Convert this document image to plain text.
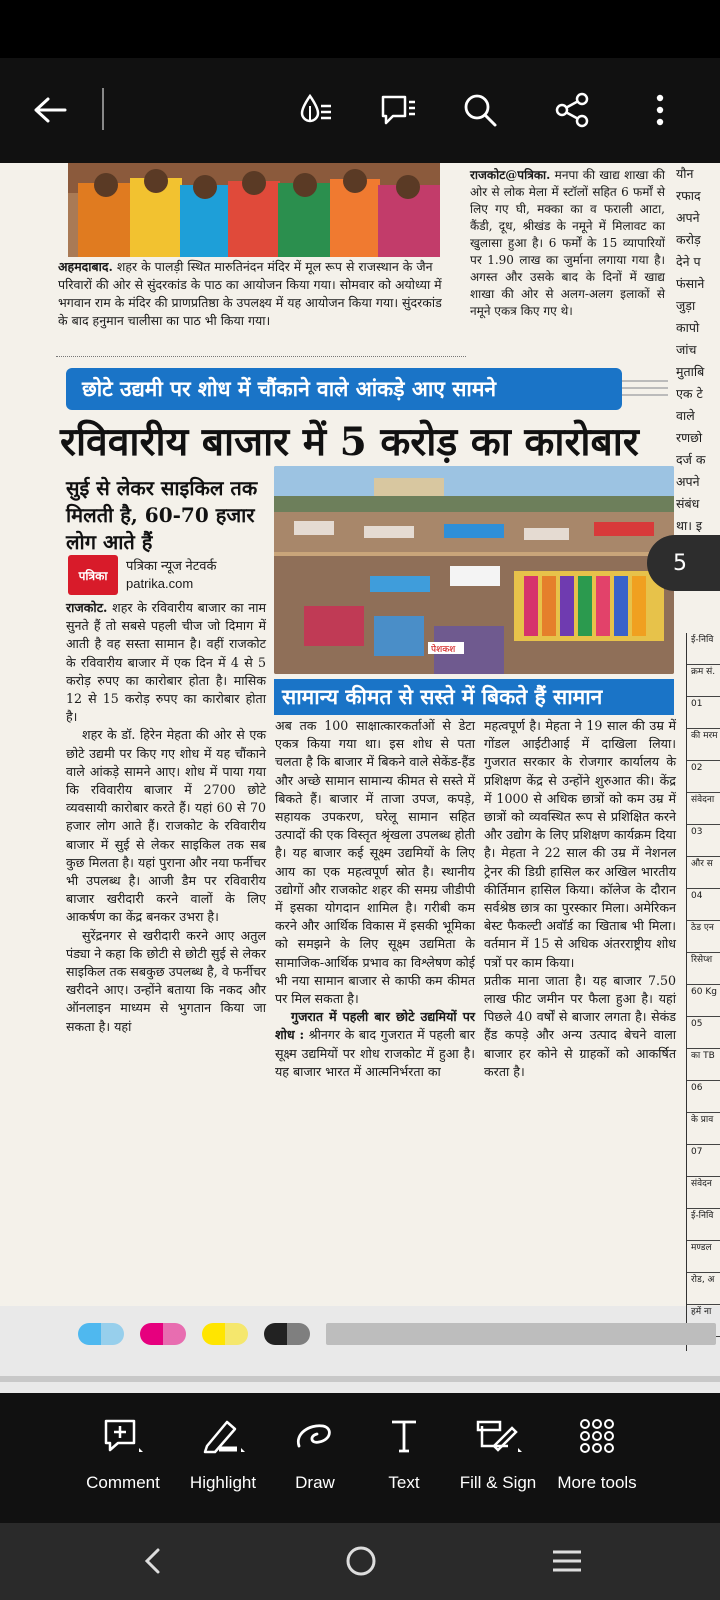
अहमदाबाद. शहर के पालड़ी स्थित मारुतिनंदन मंदिर में मूल रूप से राजस्थान के जैन परिवारों की ओर से सुंदरकांड के पाठ का आयोजन किया गया। सोमवार को अयोध्या में भगवान राम के मंदिर की प्राणप्रतिष्ठा के उपलक्ष्य में यह आयोजन किया गया। सुंदरकांड के बाद हनुमान चालीसा का पाठ भी किया गया।
राजकोट@पत्रिका. मनपा की खाद्य शाखा की ओर से लोक मेला में स्टॉलों सहित 6 फर्मों से लिए गए घी, मक्का का व फराली आटा, कैंडी, दूध, श्रीखंड के नमूने में मिलावट का खुलासा हुआ है। 6 फर्मों के 15 व्यापारियों पर 1.90 लाख का जुर्माना लगाया गया है। अगस्त और उसके बाद के दिनों में खाद्य शाखा की ओर से अलग-अलग इलाकों से नमूने एकत्र किए गए थे।
यौन
रफाद
अपने
करोड़
देने प
फंसाने
जुड़ा
कापो
जांच
मुताबि
एक टे
वाले
रणछो
दर्ज क
अपने
संबंध
था। इ
छोटे उद्यमी पर शोध में चौंकाने वाले आंकड़े आए सामने
रविवारीय बाजार में 5 करोड़ का कारोबार
सुई से लेकर साइकिल तक मिलती है, 60-70 हजार लोग आते हैं
पत्रिका
पत्रिका न्यूज नेटवर्क
patrika.com

राजकोट. शहर के रविवारीय बाजार का नाम सुनते हैं तो सबसे पहली चीज जो दिमाग में आती है वह सस्ता सामान है। वहीं राजकोट के रविवारीय बाजार में एक दिन में 4 से 5 करोड़ रुपए का कारोबार होता है। मासिक 12 से 15 करोड़ रुपए का कारोबार होता है।

शहर के डॉ. हिरेन मेहता की ओर से एक छोटे उद्यमी पर किए गए शोध में यह चौंकाने वाले आंकड़े सामने आए। शोध में पाया गया कि रविवारीय बाजार में 2700 छोटे व्यवसायी कारोबार करते हैं। यहां 60 से 70 हजार लोग आते हैं। राजकोट के रविवारीय बाजार में सुई से लेकर साइकिल तक सब कुछ मिलता है। यहां पुराना और नया फर्नीचर भी उपलब्ध है। आजी डैम पर रविवारीय बाजार खरीदारी करने वालों के लिए आकर्षण का केंद्र बनकर उभरा है।

सुरेंद्रनगर से खरीदारी करने आए अतुल पंड्या ने कहा कि छोटी से छोटी सुई से लेकर साइकिल तक सबकुछ उपलब्ध है, वे फर्नीचर खरीदने आए। उन्होंने बताया कि नकद और ऑनलाइन माध्यम से भुगतान किया जा सकता है। यहां

पेशकश
सामान्य कीमत से सस्ते में बिकते हैं सामान

अब तक 100 साक्षात्कारकर्ताओं से डेटा एकत्र किया गया था। इस शोध से पता चलता है कि बाजार में बिकने वाले सेकेंड-हैंड और अच्छे सामान सामान्य कीमत से सस्ते में बिकते हैं। बाजार में ताजा उपज, कपड़े, सहायक उपकरण, घरेलू सामान सहित उत्पादों की एक विस्तृत श्रृंखला उपलब्ध होती है। यह बाजार कई सूक्ष्म उद्यमियों के लिए आय का एक महत्वपूर्ण स्रोत है। स्थानीय उद्योगों और राजकोट शहर की समग्र जीडीपी में इसका योगदान शामिल है। गरीबी कम करने और आर्थिक विकास में इसकी भूमिका को समझने के लिए सूक्ष्म उद्यमिता के सामाजिक-आर्थिक प्रभाव का विश्लेषण कोई भी नया सामान बाजार से काफी कम कीमत पर मिल सकता है।

गुजरात में पहली बार छोटे उद्यमियों पर शोध : श्रीनगर के बाद गुजरात में पहली बार सूक्ष्म उद्यमियों पर शोध राजकोट में हुआ है। यह बाजार भारत में आत्मनिर्भरता का

महत्वपूर्ण है। मेहता ने 19 साल की उम्र में गोंडल आईटीआई में दाखिला लिया। गुजरात सरकार के रोजगार कार्यालय के प्रशिक्षण केंद्र से उन्होंने शुरुआत की। केंद्र में 1000 से अधिक छात्रों को कम उम्र में छात्रों को व्यवस्थित रूप से प्रशिक्षित करने और उद्योग के लिए प्रशिक्षण कार्यक्रम दिया है। मेहता ने 22 साल की उम्र में नेशनल ट्रेनर की डिग्री हासिल कर अखिल भारतीय कीर्तिमान हासिल किया। कॉलेज के दौरान सर्वश्रेष्ठ छात्र का पुरस्कार मिला। अमेरिकन बेस्ट फैकल्टी अवॉर्ड का खिताब भी मिला। वर्तमान में 15 से अधिक अंतरराष्ट्रीय शोध पत्रों पर काम किया।

प्रतीक माना जाता है। यह बाजार 7.50 लाख फीट जमीन पर फैला हुआ है। यहां पिछले 40 वर्षों से बाजार लगता है। सेकंड हैंड कपड़े और अन्य उत्पाद बेचने वाला बाजार हर कोने से ग्राहकों को आकर्षित करता है।

ई-निवि
क्रम सं.
01
की मरम
02
संवेदना
03
और स
04
ठेड एन
रिसेप्श
60 Kg
05
का TB
06
के प्राव
07
संवेदन
ई-निवि
मण्डल
रोड, अ
हमें ना
5
Comment	Highlight	Draw	Text	Fill & Sign	More tools
